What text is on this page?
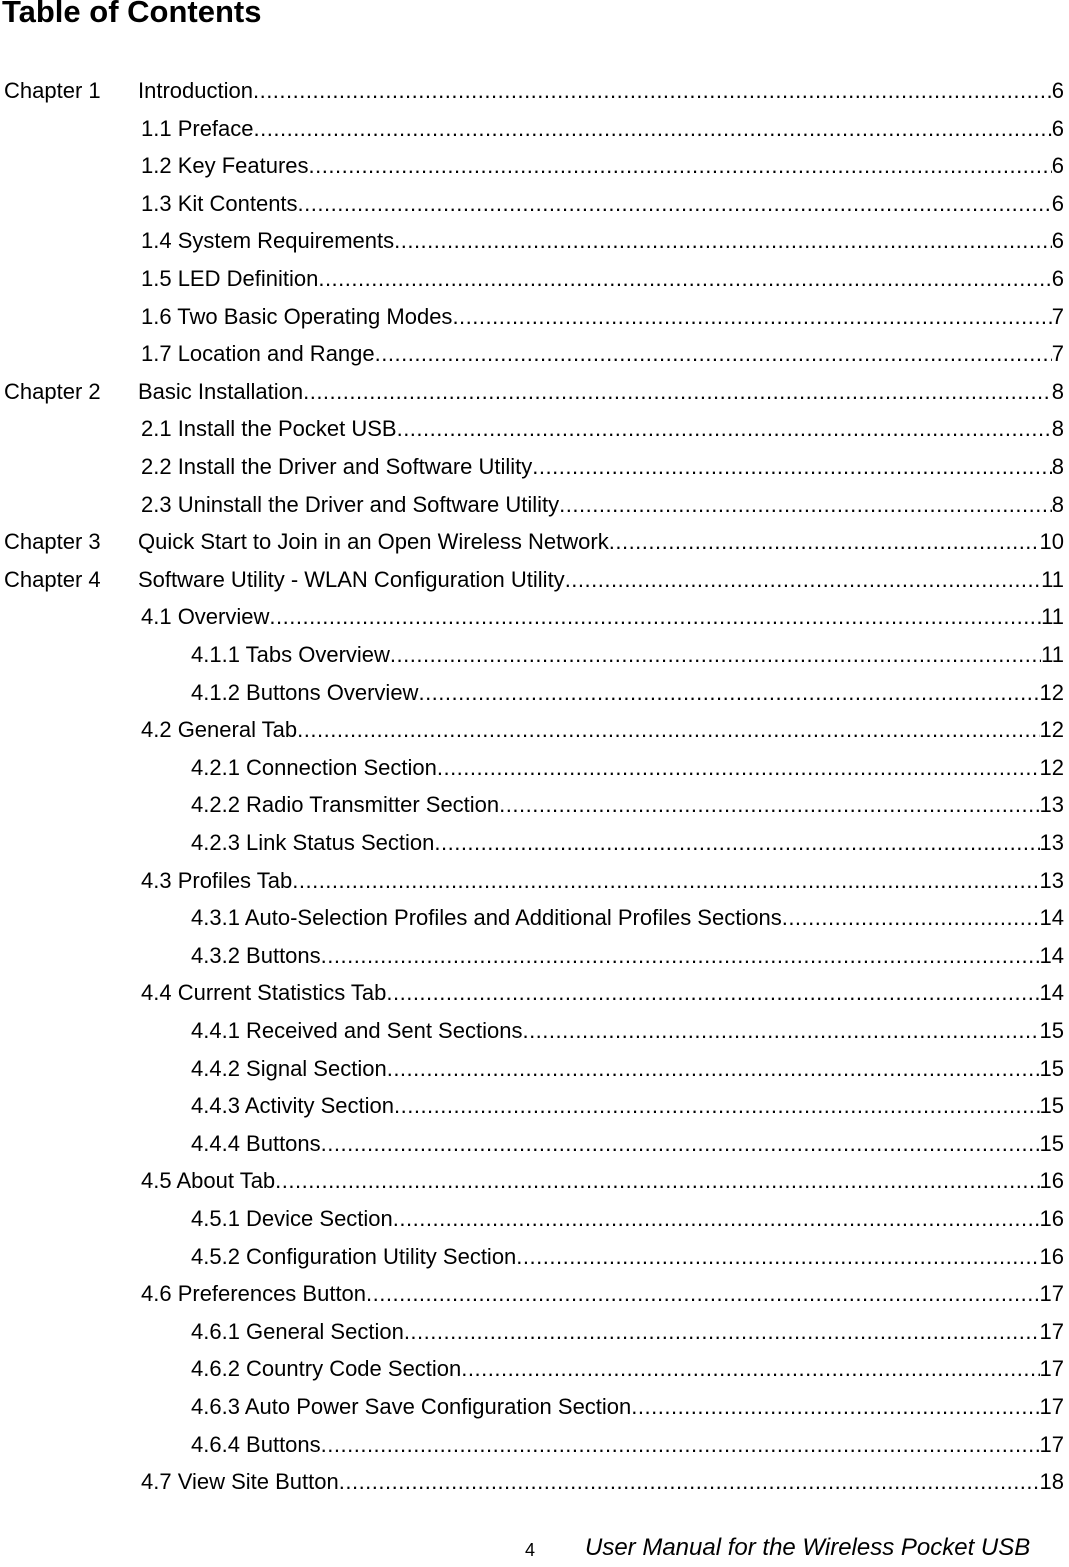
Table of Contents
Chapter 1 Introduction .....	6
1.1 Preface .....	6
1.2 Key Features .....	6
1.3 Kit Contents .....	6
1.4 System Requirements .....	6
1.5 LED Definition .....	6
1.6 Two Basic Operating Modes .....	7
1.7 Location and Range .....	7
Chapter 2 Basic Installation .....	8
2.1 Install the Pocket USB .....	8
2.2 Install the Driver and Software Utility .....	8
2.3 Uninstall the Driver and Software Utility .....	8
Chapter 3 Quick Start to Join in an Open Wireless Network .....	10
Chapter 4 Software Utility - WLAN Configuration Utility .....	11
4.1 Overview .....	11
4.1.1 Tabs Overview .....	11
4.1.2 Buttons Overview .....	12
4.2 General Tab .....	12
4.2.1 Connection Section .....	12
4.2.2 Radio Transmitter Section .....	13
4.2.3 Link Status Section .....	13
4.3 Profiles Tab .....	13
4.3.1 Auto-Selection Profiles and Additional Profiles Sections .....	14
4.3.2 Buttons .....	14
4.4 Current Statistics Tab .....	14
4.4.1 Received and Sent Sections .....	15
4.4.2 Signal Section .....	15
4.4.3 Activity Section .....	15
4.4.4 Buttons .....	15
4.5 About Tab .....	16
4.5.1 Device Section .....	16
4.5.2 Configuration Utility Section .....	16
4.6 Preferences Button .....	17
4.6.1 General Section .....	17
4.6.2 Country Code Section .....	17
4.6.3 Auto Power Save Configuration Section .....	17
4.6.4 Buttons .....	17
4.7 View Site Button .....	18
4 User Manual for the Wireless Pocket USB
